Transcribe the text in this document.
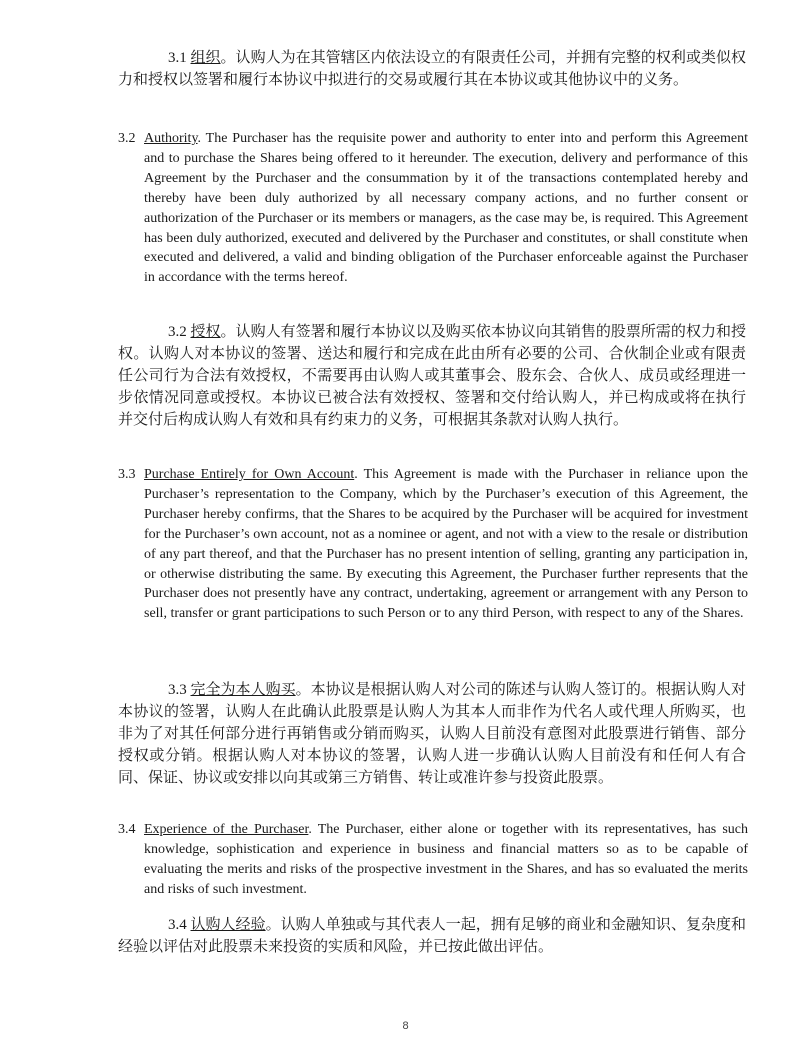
3.1 组织。认购人为在其管辖区内依法设立的有限责任公司，并拥有完整的权利或类似权力和授权以签署和履行本协议中拟进行的交易或履行其在本协议或其他协议中的义务。
3.2 Authority. The Purchaser has the requisite power and authority to enter into and perform this Agreement and to purchase the Shares being offered to it hereunder. The execution, delivery and performance of this Agreement by the Purchaser and the consummation by it of the transactions contemplated hereby and thereby have been duly authorized by all necessary company actions, and no further consent or authorization of the Purchaser or its members or managers, as the case may be, is required. This Agreement has been duly authorized, executed and delivered by the Purchaser and constitutes, or shall constitute when executed and delivered, a valid and binding obligation of the Purchaser enforceable against the Purchaser in accordance with the terms hereof.
3.2 授权。认购人有签署和履行本协议以及购买依本协议向其销售的股票所需的权力和授权。认购人对本协议的签署、送达和履行和完成在此由所有必要的公司、合伙制企业或有限责任公司行为合法有效授权，不需要再由认购人或其董事会、股东会、合伙人、成员或经理进一步依情况同意或授权。本协议已被合法有效授权、签署和交付给认购人，并已构成或将在执行并交付后构成认购人有效和具有约束力的义务，可根据其条款对认购人执行。
3.3 Purchase Entirely for Own Account. This Agreement is made with the Purchaser in reliance upon the Purchaser’s representation to the Company, which by the Purchaser’s execution of this Agreement, the Purchaser hereby confirms, that the Shares to be acquired by the Purchaser will be acquired for investment for the Purchaser’s own account, not as a nominee or agent, and not with a view to the resale or distribution of any part thereof, and that the Purchaser has no present intention of selling, granting any participation in, or otherwise distributing the same. By executing this Agreement, the Purchaser further represents that the Purchaser does not presently have any contract, undertaking, agreement or arrangement with any Person to sell, transfer or grant participations to such Person or to any third Person, with respect to any of the Shares.
3.3 完全为本人购买。本协议是根据认购人对公司的陈述与认购人签订的。根据认购人对本协议的签署，认购人在此确认此股票是认购人为其本人而非作为代名人或代理人所购买，也非为了对其任何部分进行再销售或分销而购买，认购人目前没有意图对此股票进行销售、部分授权或分销。根据认购人对本协议的签署，认购人进一步确认认购人目前没有和任何人有合同、保证、协议或安排以向其或第三方销售、转让或准许参与投资此股票。
3.4 Experience of the Purchaser. The Purchaser, either alone or together with its representatives, has such knowledge, sophistication and experience in business and financial matters so as to be capable of evaluating the merits and risks of the prospective investment in the Shares, and has so evaluated the merits and risks of such investment.
3.4 认购人经验。认购人单独或与其代表人一起，拥有足够的商业和金融知识、复杂度和经验以评估对此股票未来投资的实质和风险，并已按此做出评估。
8
